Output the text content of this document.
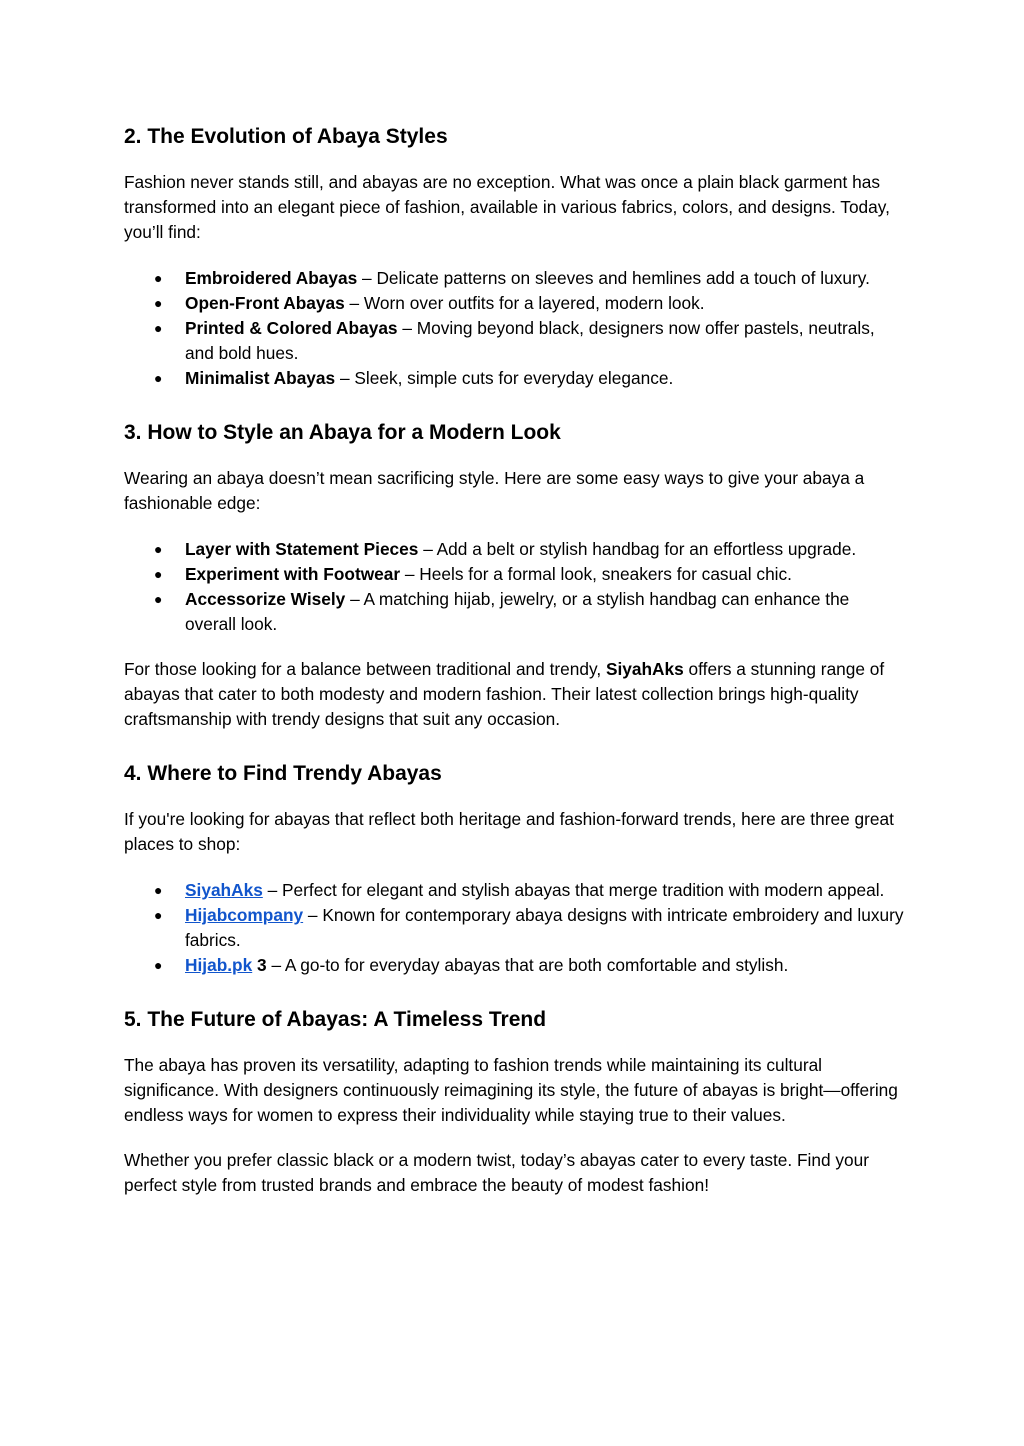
2. The Evolution of Abaya Styles

Fashion never stands still, and abayas are no exception. What was once a plain black garment has transformed into an elegant piece of fashion, available in various fabrics, colors, and designs. Today, you’ll find:

● Embroidered Abayas – Delicate patterns on sleeves and hemlines add a touch of luxury.
● Open-Front Abayas – Worn over outfits for a layered, modern look.
● Printed & Colored Abayas – Moving beyond black, designers now offer pastels, neutrals, and bold hues.
● Minimalist Abayas – Sleek, simple cuts for everyday elegance.
3. How to Style an Abaya for a Modern Look

Wearing an abaya doesn’t mean sacrificing style. Here are some easy ways to give your abaya a fashionable edge:

● Layer with Statement Pieces – Add a belt or stylish handbag for an effortless upgrade.
● Experiment with Footwear – Heels for a formal look, sneakers for casual chic.
● Accessorize Wisely – A matching hijab, jewelry, or a stylish handbag can enhance the overall look.

For those looking for a balance between traditional and trendy, SiyahAks offers a stunning range of abayas that cater to both modesty and modern fashion. Their latest collection brings high-quality craftsmanship with trendy designs that suit any occasion.

4. Where to Find Trendy Abayas

If you're looking for abayas that reflect both heritage and fashion-forward trends, here are three great places to shop:

● SiyahAks – Perfect for elegant and stylish abayas that merge tradition with modern appeal.
● Hijabcompany – Known for contemporary abaya designs with intricate embroidery and luxury fabrics.
● Hijab.pk 3 – A go-to for everyday abayas that are both comfortable and stylish.
5. The Future of Abayas: A Timeless Trend

The abaya has proven its versatility, adapting to fashion trends while maintaining its cultural significance. With designers continuously reimagining its style, the future of abayas is bright—offering endless ways for women to express their individuality while staying true to their values.

Whether you prefer classic black or a modern twist, today’s abayas cater to every taste. Find your perfect style from trusted brands and embrace the beauty of modest fashion!
